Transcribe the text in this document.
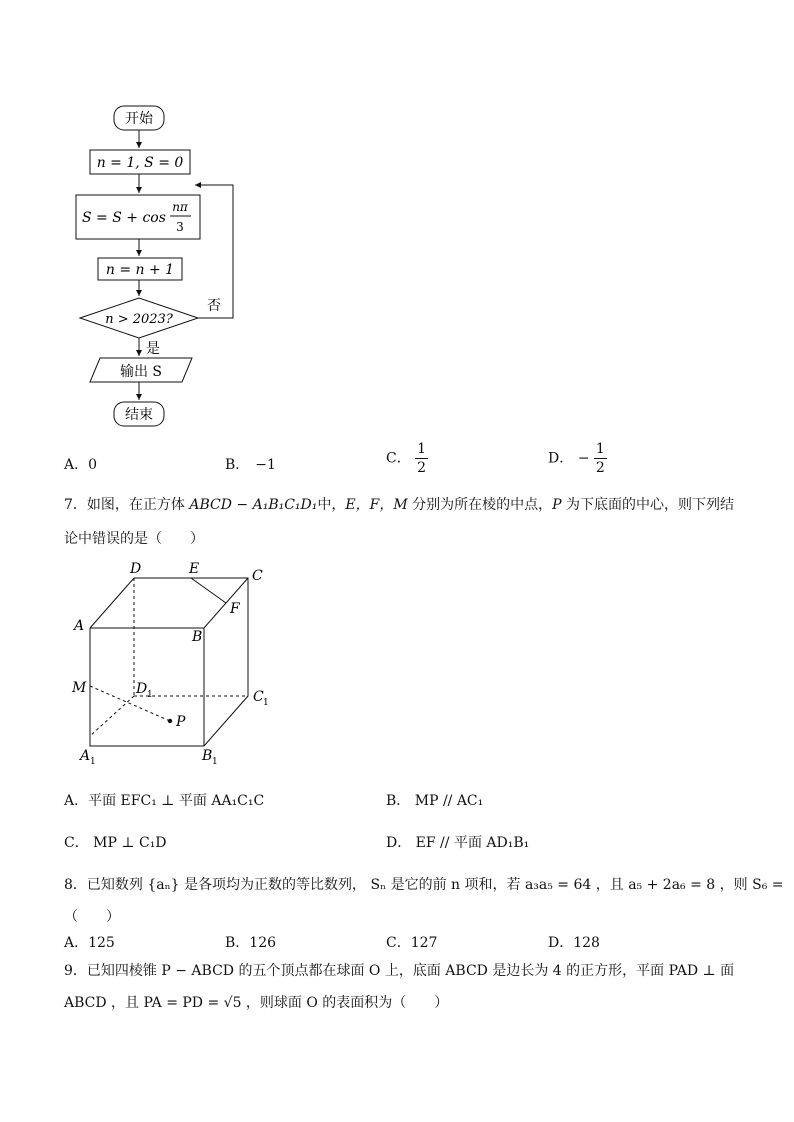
开始
n = 1, S = 0
S = S + cos
nπ
3
n = n + 1
n > 2023?
否
是
输出 S
结束
A．0	B． −1	C． $\frac{1}{2}$	D． − $\frac{1}{2}$
7．如图，在正方体 ABCD − A₁B₁C₁D₁中，E，F，M 分别为所在棱的中点，P 为下底面的中心，则下列结
论中错误的是（　　）
D	E	C
A
F
B
M	D 1	C 1
P
A 1	B 1
A．平面 EFC₁ ⊥ 平面 AA₁C₁C	B． MP // AC₁
C． MP ⊥ C₁D	D． EF // 平面 AD₁B₁
8．已知数列 {aₙ} 是各项均为正数的等比数列， Sₙ 是它的前 n 项和，若 a₃a₅ = 64 ，且 a₅ + 2a₆ = 8 ，则 S₆ =
（　　）
A．125	B．126	C．127	D．128
9．已知四棱锥 P − ABCD 的五个顶点都在球面 O 上，底面 ABCD 是边长为 4 的正方形，平面 PAD ⊥ 面
ABCD ，且 PA = PD = √5 ，则球面 O 的表面积为（　　）
